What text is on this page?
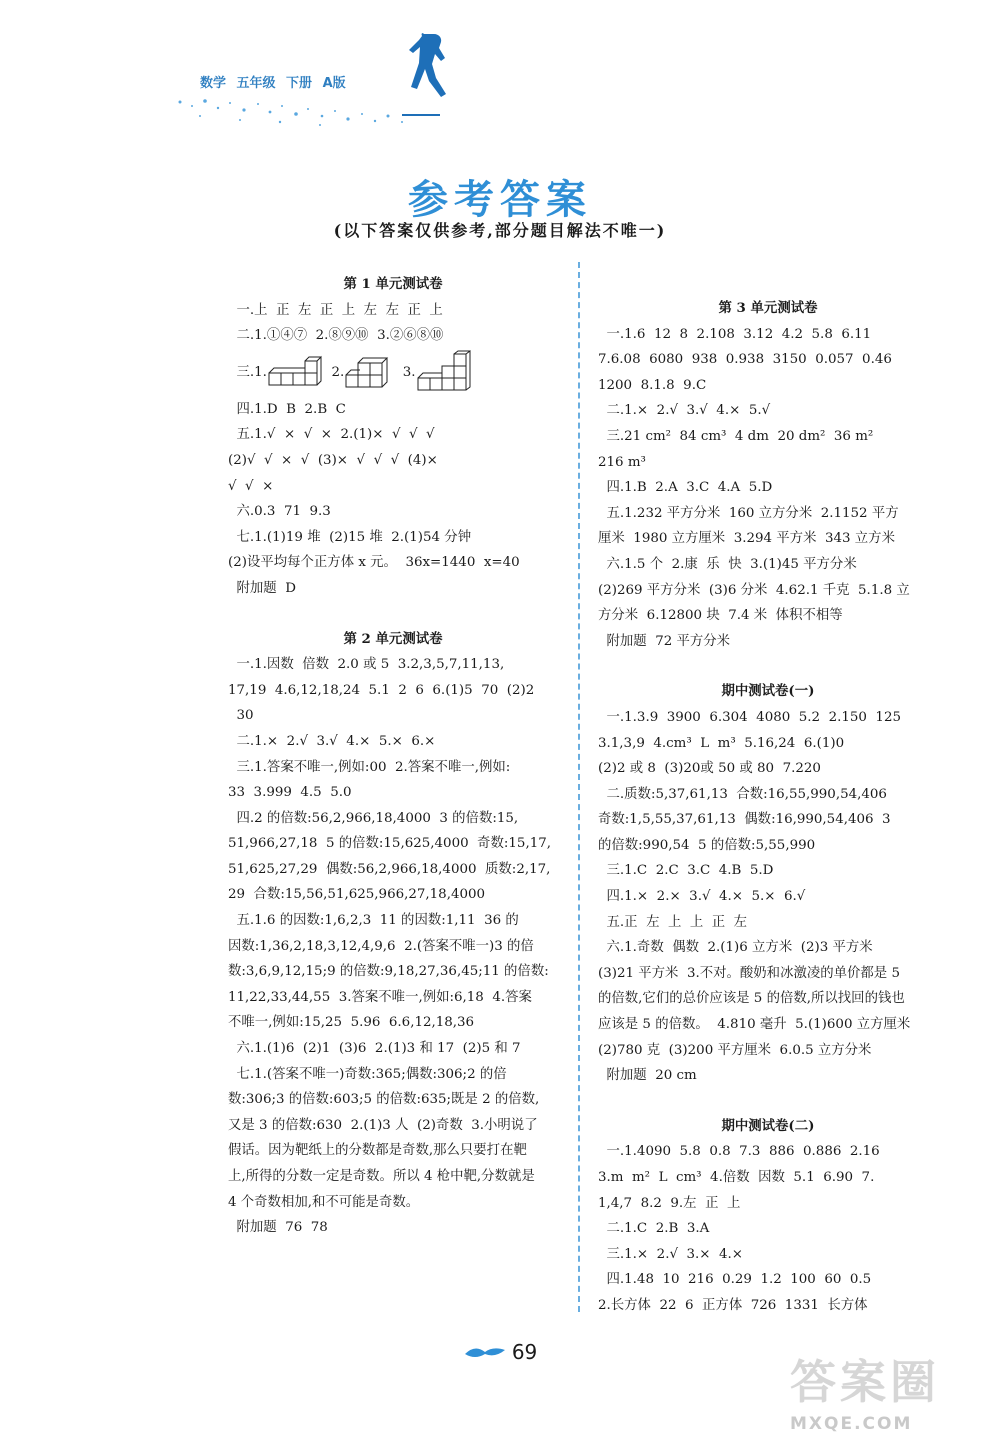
数学 五年级 下册 A版
参考答案
(以下答案仅供参考,部分题目解法不唯一)

第 1 单元测试卷

一.上  正  左  正  上  左  左  正  上

二.1.①④⑦  2.⑧⑨⑩  3.②⑥⑧⑩

三.1.	2.	3.

四.1.D  B  2.B  C

五.1.√  ×  √  ×  2.(1)×  √  √  √

(2)√  √  ×  √  (3)×  √  √  √  (4)×

√  √  ×

六.0.3  71  9.3

七.1.(1)19 堆  (2)15 堆  2.(1)54 分钟

(2)设平均每个正方体 x 元。  36x=1440  x=40

附加题  D

第 2 单元测试卷

一.1.因数  倍数  2.0 或 5  3.2,3,5,7,11,13,

17,19  4.6,12,18,24  5.1  2  6  6.(1)5  70  (2)2

30

二.1.×  2.√  3.√  4.×  5.×  6.×

三.1.答案不唯一,例如:00  2.答案不唯一,例如:

33  3.999  4.5  5.0

四.2 的倍数:56,2,966,18,4000  3 的倍数:15,

51,966,27,18  5 的倍数:15,625,4000  奇数:15,17,

51,625,27,29  偶数:56,2,966,18,4000  质数:2,17,

29  合数:15,56,51,625,966,27,18,4000

五.1.6 的因数:1,6,2,3  11 的因数:1,11  36 的

因数:1,36,2,18,3,12,4,9,6  2.(答案不唯一)3 的倍

数:3,6,9,12,15;9 的倍数:9,18,27,36,45;11 的倍数:

11,22,33,44,55  3.答案不唯一,例如:6,18  4.答案

不唯一,例如:15,25  5.96  6.6,12,18,36

六.1.(1)6  (2)1  (3)6  2.(1)3 和 17  (2)5 和 7

七.1.(答案不唯一)奇数:365;偶数:306;2 的倍

数:306;3 的倍数:603;5 的倍数:635;既是 2 的倍数,

又是 3 的倍数:630  2.(1)3 人  (2)奇数  3.小明说了

假话。因为靶纸上的分数都是奇数,那么只要打在靶

上,所得的分数一定是奇数。所以 4 枪中靶,分数就是

4 个奇数相加,和不可能是奇数。

附加题  76  78

第 3 单元测试卷

一.1.6  12  8  2.108  3.12  4.2  5.8  6.11

7.6.08  6080  938  0.938  3150  0.057  0.46

1200  8.1.8  9.C

二.1.×  2.√  3.√  4.×  5.√

三.21 cm²  84 cm³  4 dm  20 dm²  36 m²

216 m³

四.1.B  2.A  3.C  4.A  5.D

五.1.232 平方分米  160 立方分米  2.1152 平方

厘米  1980 立方厘米  3.294 平方米  343 立方米

六.1.5 个  2.康  乐  快  3.(1)45 平方分米

(2)269 平方分米  (3)6 分米  4.62.1 千克  5.1.8 立

方分米  6.12800 块  7.4 米  体积不相等

附加题  72 平方分米

期中测试卷(一)

一.1.3.9  3900  6.304  4080  5.2  2.150  125

3.1,3,9  4.cm³  L  m³  5.16,24  6.(1)0

(2)2 或 8  (3)20或 50 或 80  7.220

二.质数:5,37,61,13  合数:16,55,990,54,406

奇数:1,5,55,37,61,13  偶数:16,990,54,406  3

的倍数:990,54  5 的倍数:5,55,990

三.1.C  2.C  3.C  4.B  5.D

四.1.×  2.×  3.√  4.×  5.×  6.√

五.正  左  上  上  正  左

六.1.奇数  偶数  2.(1)6 立方米  (2)3 平方米

(3)21 平方米  3.不对。酸奶和冰激凌的单价都是 5

的倍数,它们的总价应该是 5 的倍数,所以找回的钱也

应该是 5 的倍数。  4.810 毫升  5.(1)600 立方厘米

(2)780 克  (3)200 平方厘米  6.0.5 立方分米

附加题  20 cm

期中测试卷(二)

一.1.4090  5.8  0.8  7.3  886  0.886  2.16

3.m  m²  L  cm³  4.倍数  因数  5.1  6.90  7.

1,4,7  8.2  9.左  正  上

二.1.C  2.B  3.A

三.1.×  2.√  3.×  4.×

四.1.48  10  216  0.29  1.2  100  60  0.5

2.长方体  22  6  正方体  726  1331  长方体

69
答案圈
MXQE.COM
